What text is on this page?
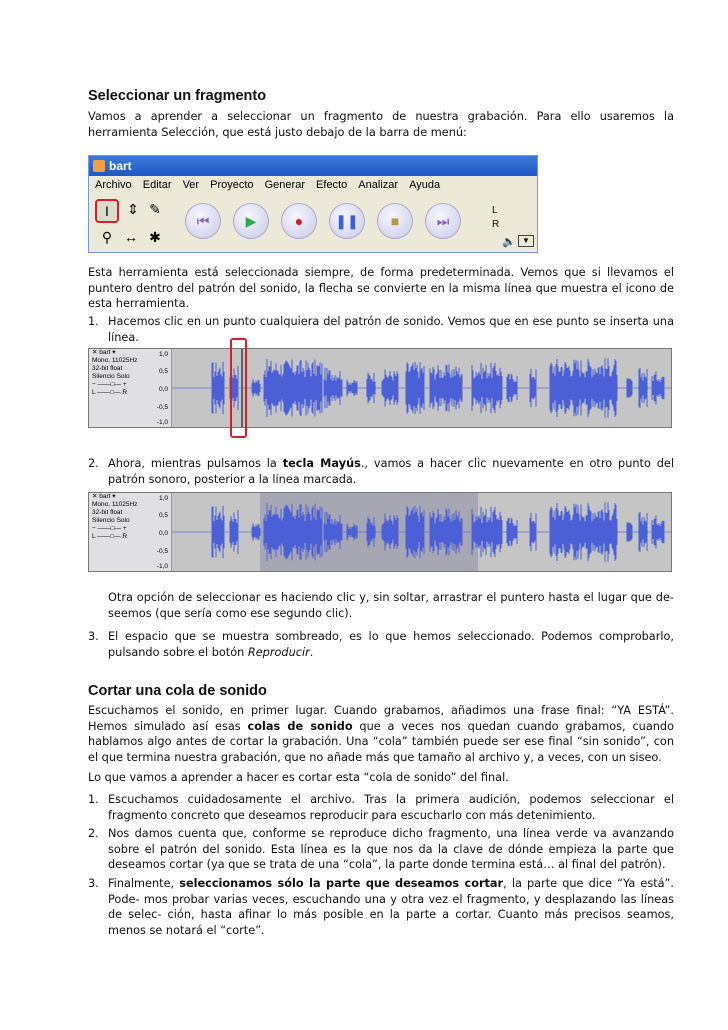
Seleccionar un fragmento

Vamos a aprender a seleccionar un fragmento de nuestra grabación. Para ello usaremos la herramienta Selección, que está justo debajo de la barra de menú:

bart
Archivo Editar Ver Proyecto Generar Efecto Analizar Ayuda
I	⇕ ✎
⚲ ↔ ✱
⏮	▶	●	❚❚	■	⏭
L
R
🔈 ▼

Esta herramienta está seleccionada siempre, de forma predeterminada. Vemos que si llevamos el puntero dentro del patrón del sonido, la flecha se convierte en la misma línea que muestra el icono de esta herramienta.

1. Hacemos clic en un punto cualquiera del patrón de sonido. Vemos que en ese punto se inserta una línea.
✕ bart ▾
Mono, 11025Hz
32-bit float
Silencio Solo
− ——□— +
L ——□— R
1,0
0,5
0,0
-0,5
-1,0
2. Ahora, mientras pulsamos la tecla Mayús., vamos a hacer clic nuevamente en otro punto del patrón sonoro, posterior a la línea marcada.
✕ bart ▾
Mono, 11025Hz
32-bit float
Silencio Solo
− ——□— +
L ——□— R
1,0
0,5
0,0
-0,5
-1,0

Otra opción de seleccionar es haciendo clic y, sin soltar, arrastrar el puntero hasta el lugar que de- seemos (que sería como ese segundo clic).

3. El espacio que se muestra sombreado, es lo que hemos seleccionado. Podemos comprobarlo, pulsando sobre el botón Reproducir.
Cortar una cola de sonido

Escuchamos el sonido, en primer lugar. Cuando grabamos, añadimos una frase final: “YA ESTÁ”. Hemos simulado así esas colas de sonido que a veces nos quedan cuando grabamos, cuando hablamos algo antes de cortar la grabación. Una “cola” también puede ser ese final “sin sonido”, con el que termina nuestra grabación, que no añade más que tamaño al archivo y, a veces, con un siseo.

Lo que vamos a aprender a hacer es cortar esta “cola de sonido” del final.

1. Escuchamos cuidadosamente el archivo. Tras la primera audición, podemos seleccionar el fragmento concreto que deseamos reproducir para escucharlo con más detenimiento.
2. Nos damos cuenta que, conforme se reproduce dicho fragmento, una línea verde va avanzando sobre el patrón del sonido. Esta línea es la que nos da la clave de dónde empieza la parte que deseamos cortar (ya que se trata de una “cola”, la parte donde termina está… al final del patrón).
3. Finalmente, seleccionamos sólo la parte que deseamos cortar, la parte que dice “Ya está”. Pode- mos probar varias veces, escuchando una y otra vez el fragmento, y desplazando las líneas de selec- ción, hasta afinar lo más posible en la parte a cortar. Cuanto más precisos seamos, menos se notará el “corte”.
